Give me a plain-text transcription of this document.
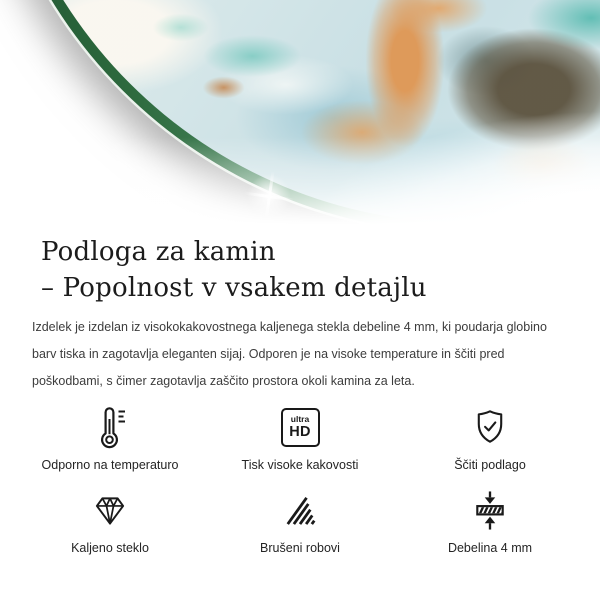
Podloga za kamin
– Popolnost v vsakem detajlu

Izdelek je izdelan iz visokokakovostnega kaljenega stekla debeline 4 mm, ki poudarja globino barv tiska in zagotavlja eleganten sijaj. Odporen je na visoke temperature in ščiti pred poškodbami, s čimer zagotavlja zaščito prostora okoli kamina za leta.

Odporno na temperaturo
ultra
HD
Tisk visoke kakovosti	Ščiti podlago
Kaljeno steklo	Brušeni robovi	Debelina 4 mm
